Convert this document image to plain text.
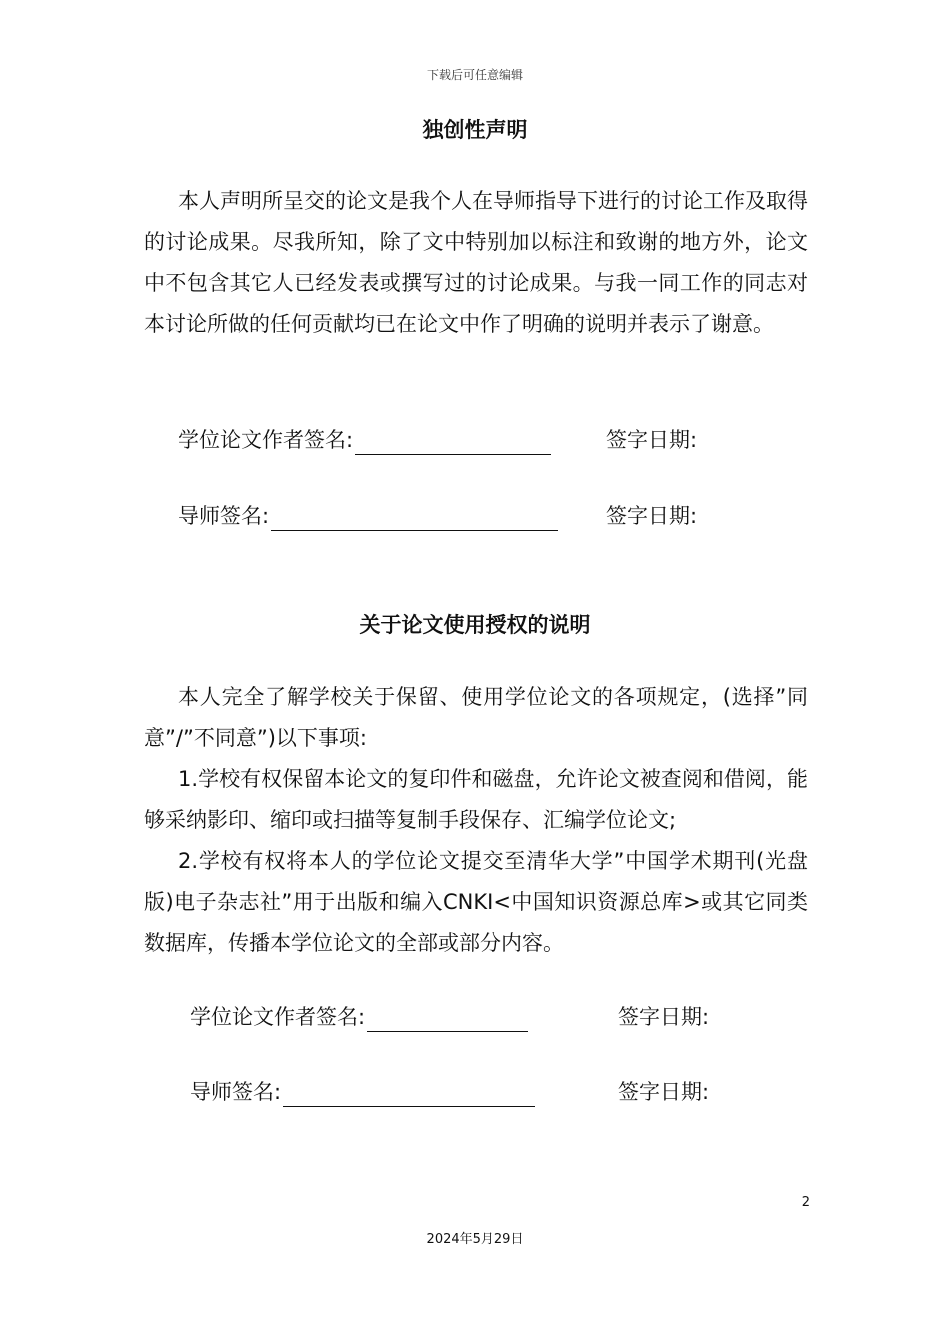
下载后可任意编辑
独创性声明

本人声明所呈交的论文是我个人在导师指导下进行的讨论工作及取得的讨论成果。尽我所知，除了文中特别加以标注和致谢的地方外，论文中不包含其它人已经发表或撰写过的讨论成果。与我一同工作的同志对本讨论所做的任何贡献均已在论文中作了明确的说明并表示了谢意。

学位论文作者签名:	签字日期:
导师签名:	签字日期:
关于论文使用授权的说明

本人完全了解学校关于保留、使用学位论文的各项规定，(选择”同意”/”不同意”)以下事项:

1.学校有权保留本论文的复印件和磁盘，允许论文被查阅和借阅，能够采纳影印、缩印或扫描等复制手段保存、汇编学位论文;

2.学校有权将本人的学位论文提交至清华大学”中国学术期刊(光盘版)电子杂志社”用于出版和编入CNKI<中国知识资源总库>或其它同类数据库，传播本学位论文的全部或部分内容。

学位论文作者签名:	签字日期:
导师签名:	签字日期:
2
2024年5月29日
